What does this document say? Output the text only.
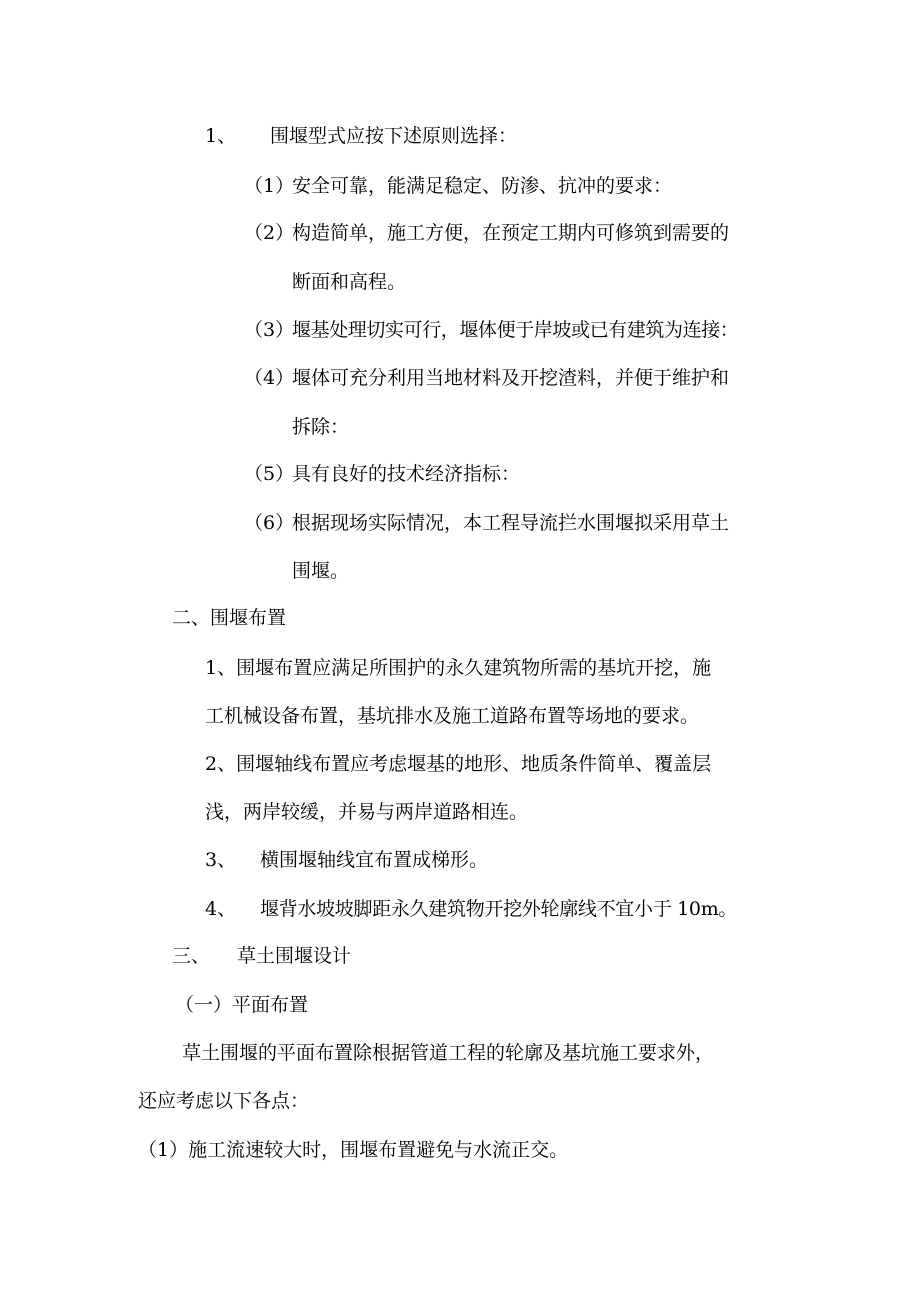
1、 围堰型式应按下述原则选择：
（1）
安全可靠，能满足稳定、防渗、抗冲的要求：
（2）
构造简单，施工方便，在预定工期内可修筑到需要的
断面和高程。
（3）
堰基处理切实可行，堰体便于岸坡或已有建筑为连接：
（4）
堰体可充分利用当地材料及开挖渣料，并便于维护和
拆除：
（5）
具有良好的技术经济指标：
（6）
根据现场实际情况，本工程导流拦水围堰拟采用草土
围堰。
二、围堰布置
1、围堰布置应满足所围护的永久建筑物所需的基坑开挖，施
工机械设备布置，基坑排水及施工道路布置等场地的要求。
2、围堰轴线布置应考虑堰基的地形、地质条件简单、覆盖层
浅，两岸较缓，并易与两岸道路相连。
3、 横围堰轴线宜布置成梯形。
4、 堰背水坡坡脚距永久建筑物开挖外轮廓线不宜小于 10m。
三、 草土围堰设计
（一）平面布置
草土围堰的平面布置除根据管道工程的轮廓及基坑施工要求外，
还应考虑以下各点：
（1）施工流速较大时，围堰布置避免与水流正交。
